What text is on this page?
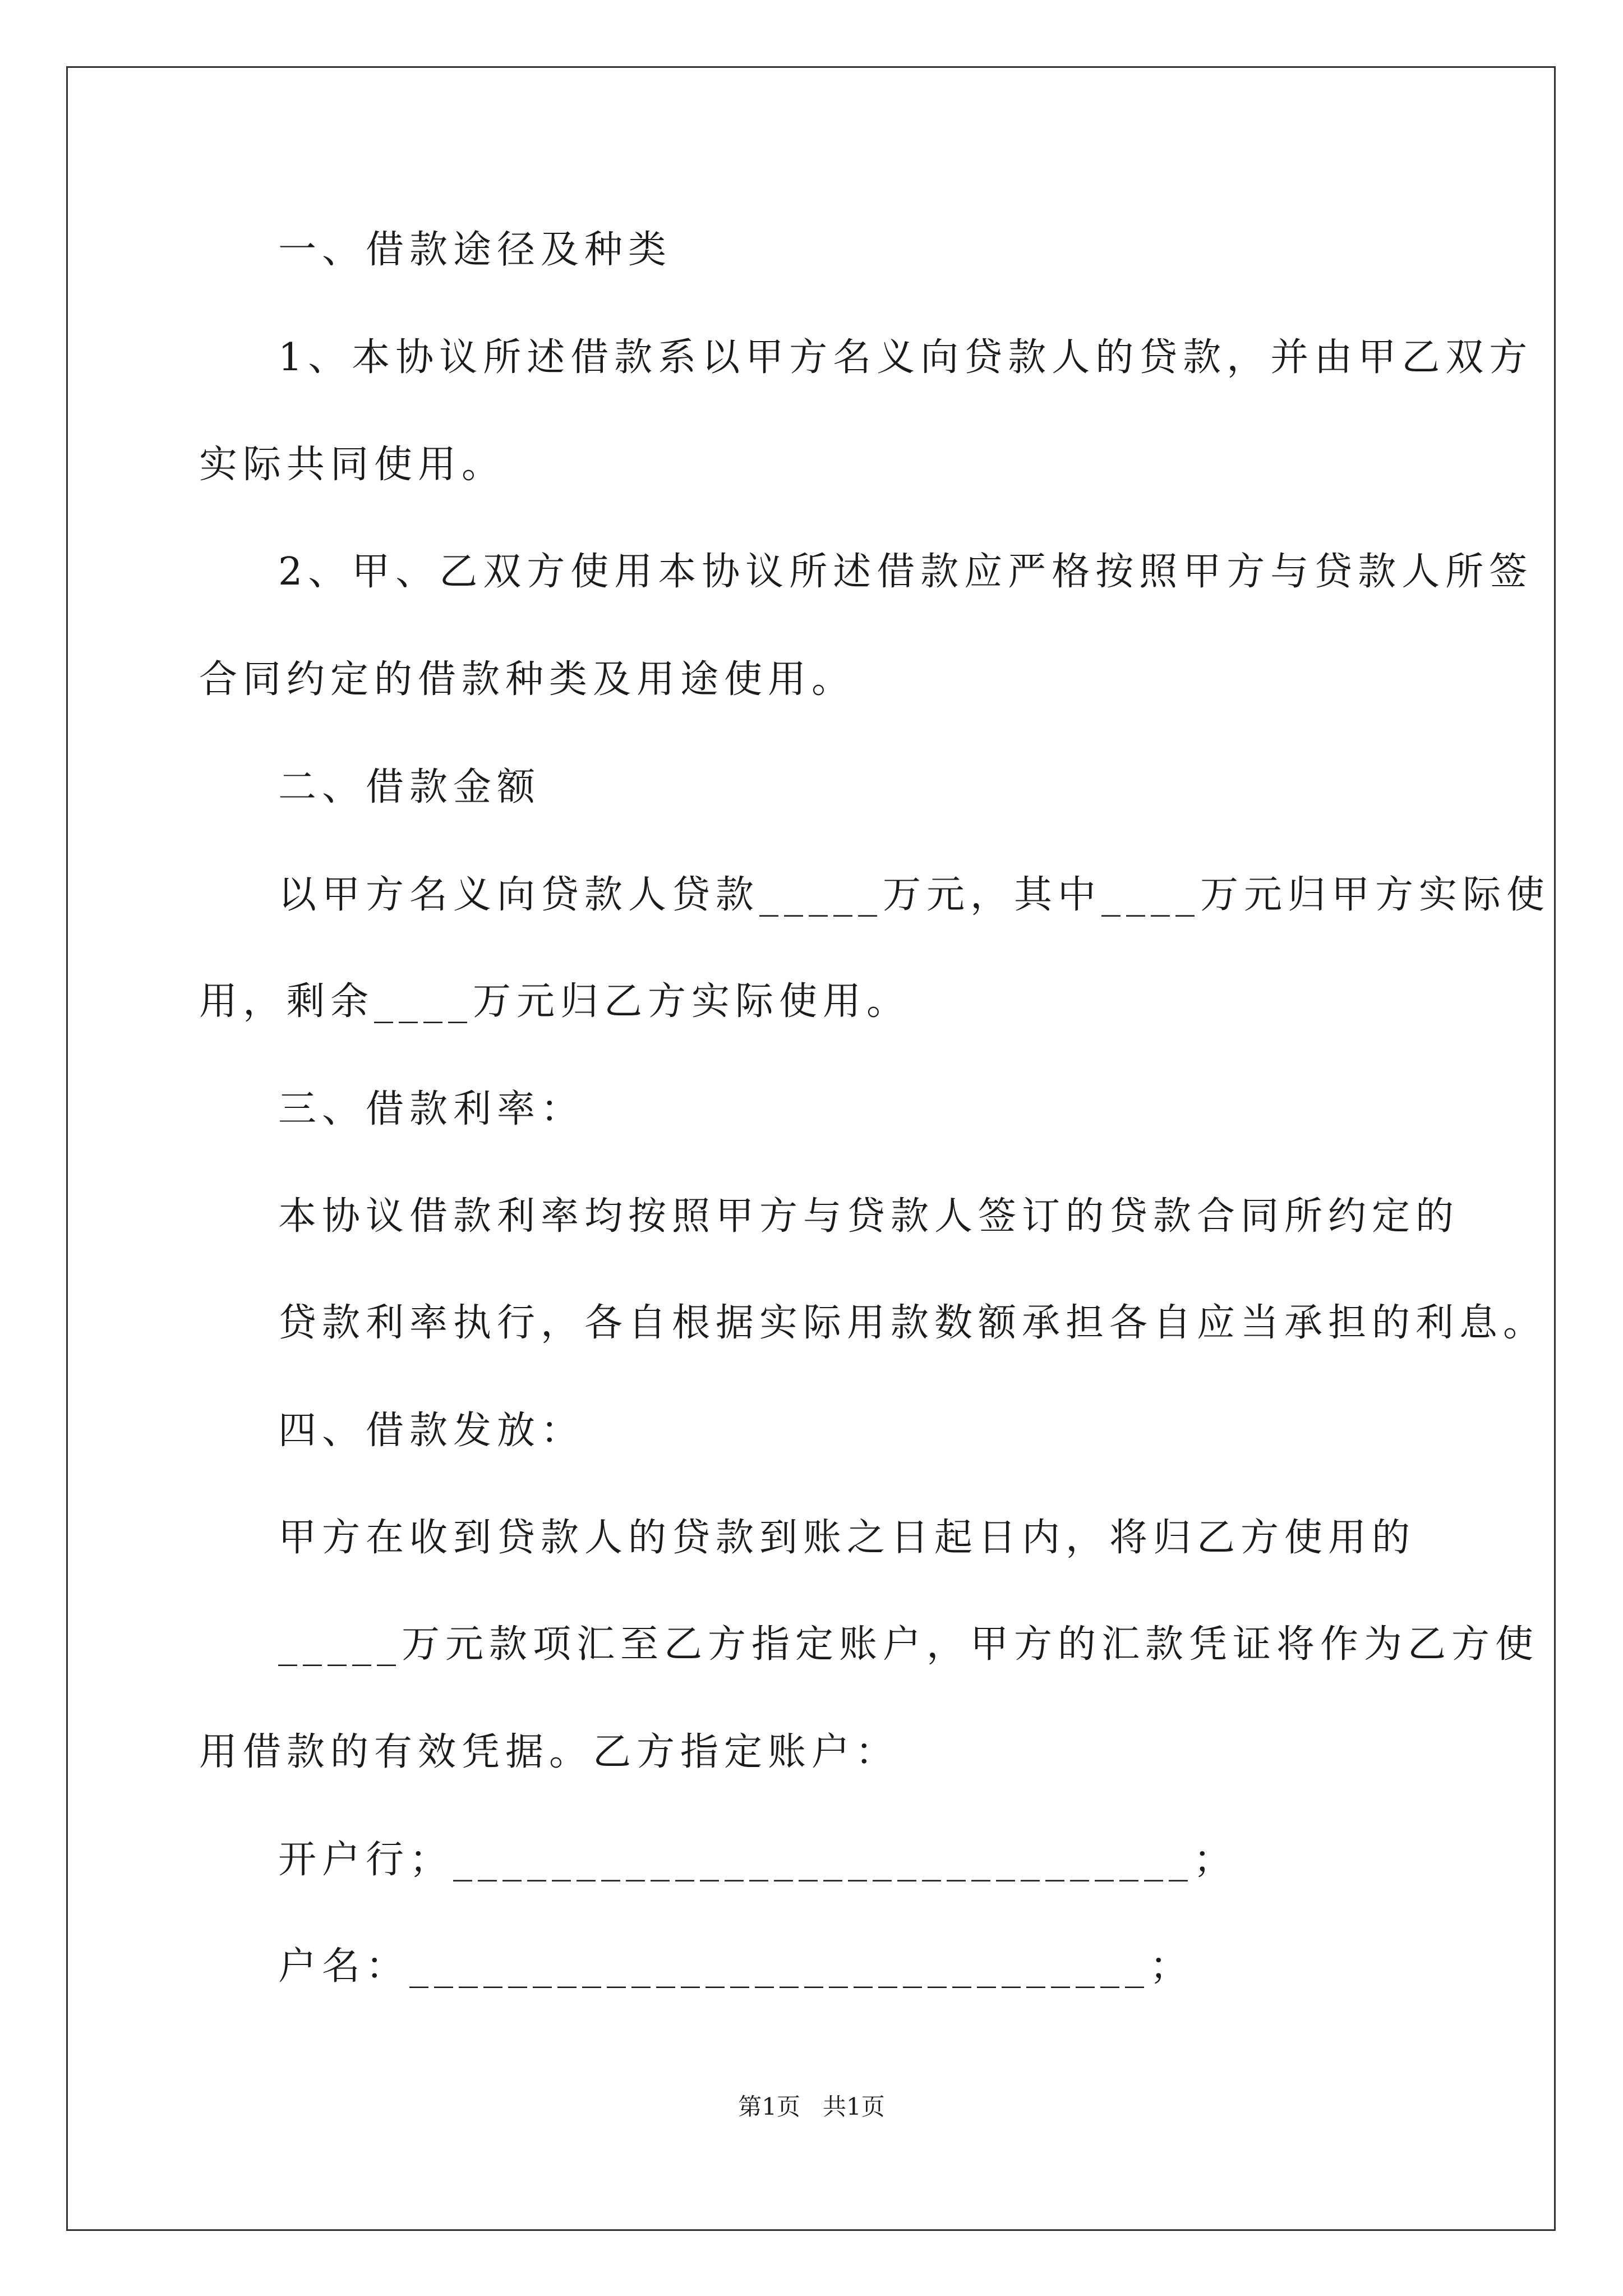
一、借款途径及种类
1、本协议所述借款系以甲方名义向贷款人的贷款，并由甲乙双方
实际共同使用。
2、甲、乙双方使用本协议所述借款应严格按照甲方与贷款人所签
合同约定的借款种类及用途使用。
二、借款金额
以甲方名义向贷款人贷款_____万元，其中____万元归甲方实际使
用，剩余____万元归乙方实际使用。
三、借款利率：
本协议借款利率均按照甲方与贷款人签订的贷款合同所约定的
贷款利率执行，各自根据实际用款数额承担各自应当承担的利息。
四、借款发放：
甲方在收到贷款人的贷款到账之日起日内，将归乙方使用的
_____万元款项汇至乙方指定账户，甲方的汇款凭证将作为乙方使
用借款的有效凭据。乙方指定账户：
开户行；______________________________；
户名：______________________________；
第1页   共1页
